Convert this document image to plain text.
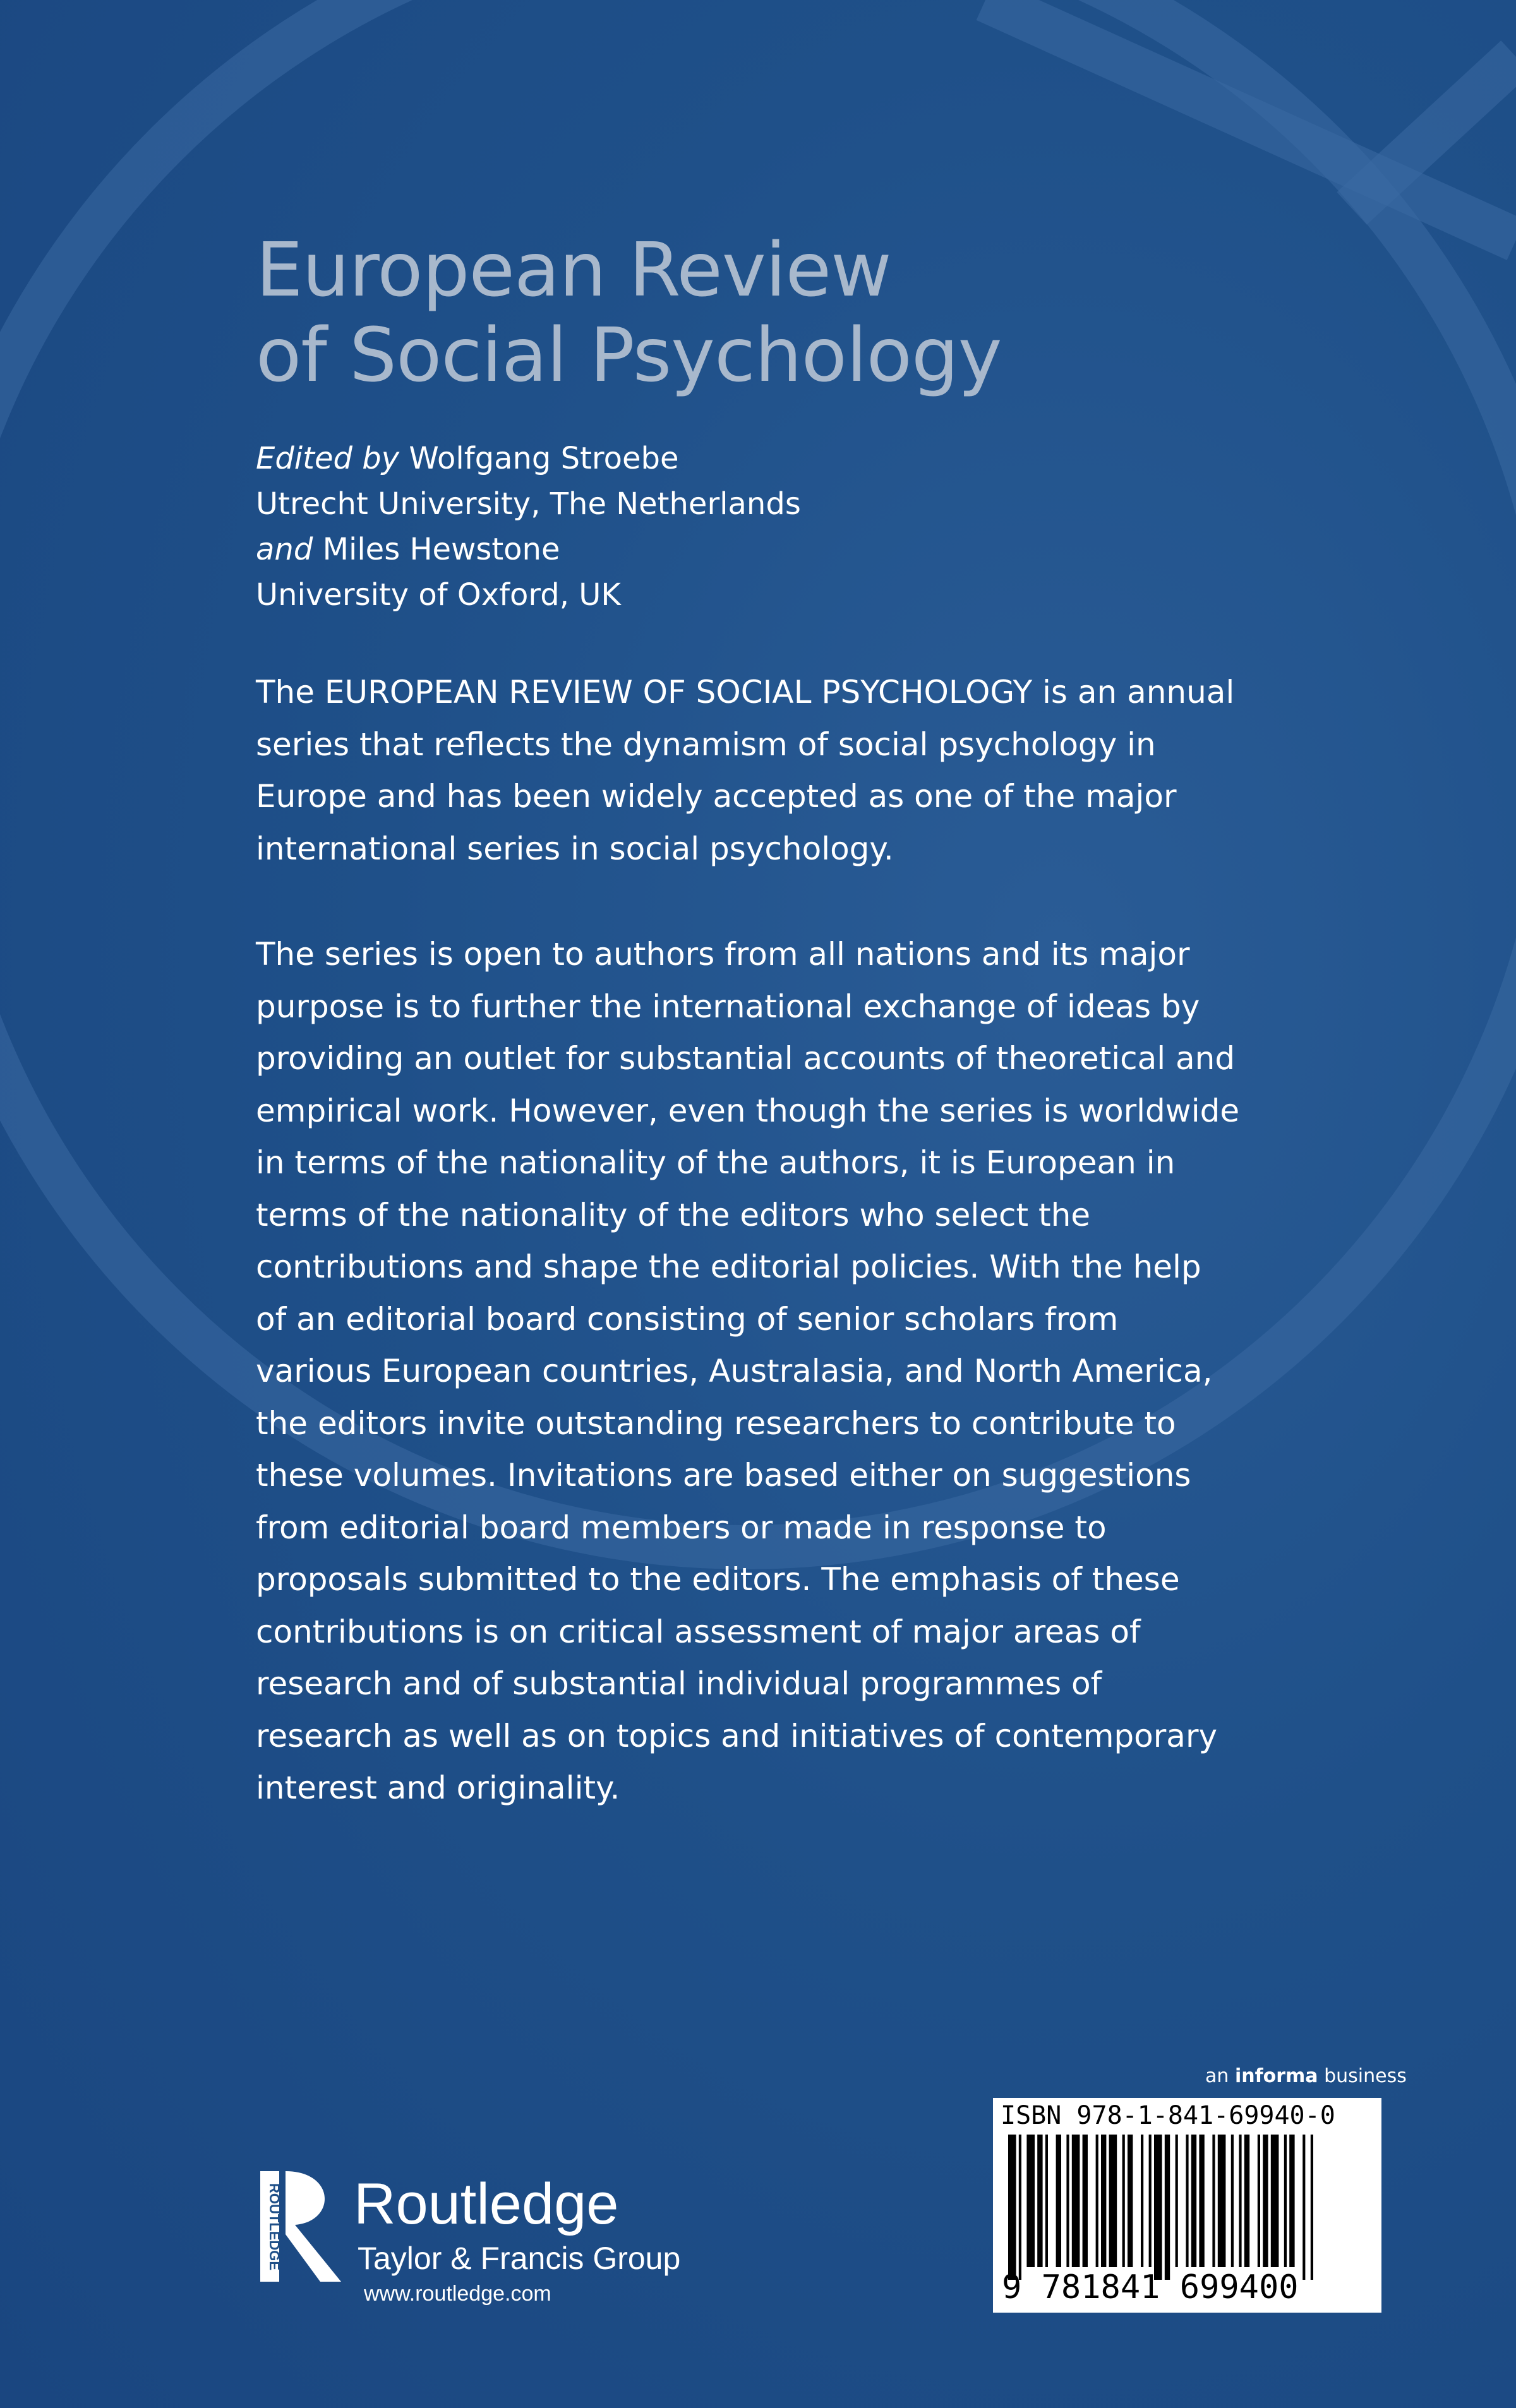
European Review
of Social Psychology
Edited by Wolfgang Stroebe
Utrecht University, The Netherlands
and Miles Hewstone
University of Oxford, UK
The EUROPEAN REVIEW OF SOCIAL PSYCHOLOGY is an annual series that reflects the dynamism of social psychology in Europe and has been widely accepted as one of the major international series in social psychology.
The series is open to authors from all nations and its major purpose is to further the international exchange of ideas by providing an outlet for substantial accounts of theoretical and empirical work. However, even though the series is worldwide in terms of the nationality of the authors, it is European in terms of the nationality of the editors who select the contributions and shape the editorial policies. With the help of an editorial board consisting of senior scholars from various European countries, Australasia, and North America, the editors invite outstanding researchers to contribute to these volumes. Invitations are based either on suggestions from editorial board members or made in response to proposals submitted to the editors. The emphasis of these contributions is on critical assessment of major areas of research and of substantial individual programmes of research as well as on topics and initiatives of contemporary interest and originality.
an informa business
ISBN 978-1-841-69940-0
9 781841 699400
ROUTLEDGE Routledge
Taylor & Francis Group
www.routledge.com
